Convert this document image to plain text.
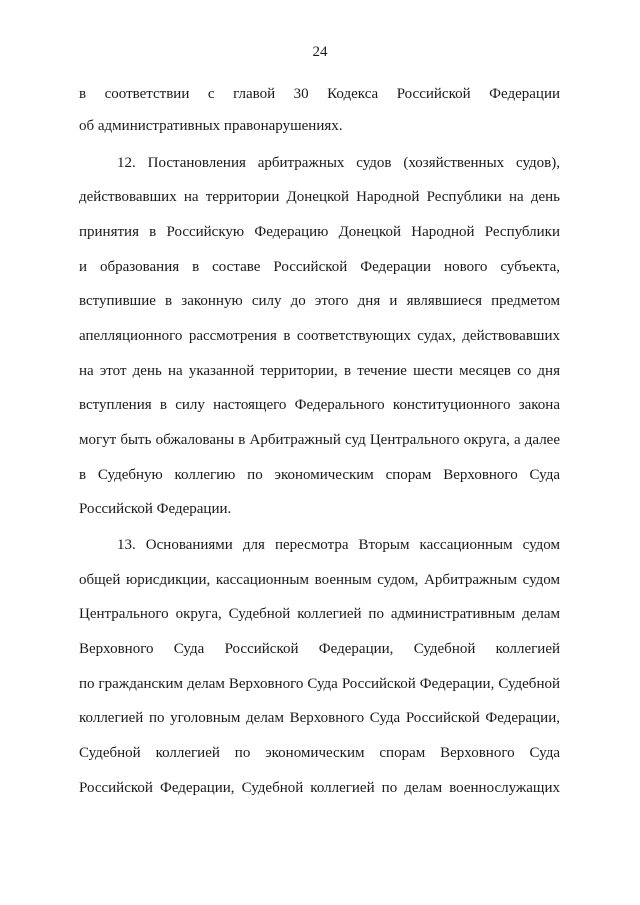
24
в соответствии с главой 30 Кодекса Российской Федерации
об административных правонарушениях.
12. Постановления арбитражных судов (хозяйственных судов),
действовавших на территории Донецкой Народной Республики на день
принятия в Российскую Федерацию Донецкой Народной Республики
и образования в составе Российской Федерации нового субъекта,
вступившие в законную силу до этого дня и являвшиеся предметом
апелляционного рассмотрения в соответствующих судах, действовавших
на этот день на указанной территории, в течение шести месяцев со дня
вступления в силу настоящего Федерального конституционного закона
могут быть обжалованы в Арбитражный суд Центрального округа, а далее
в Судебную коллегию по экономическим спорам Верховного Суда
Российской Федерации.
13. Основаниями для пересмотра Вторым кассационным судом
общей юрисдикции, кассационным военным судом, Арбитражным судом
Центрального округа, Судебной коллегией по административным делам
Верховного Суда Российской Федерации, Судебной коллегией
по гражданским делам Верховного Суда Российской Федерации, Судебной
коллегией по уголовным делам Верховного Суда Российской Федерации,
Судебной коллегией по экономическим спорам Верховного Суда
Российской Федерации, Судебной коллегией по делам военнослужащих
